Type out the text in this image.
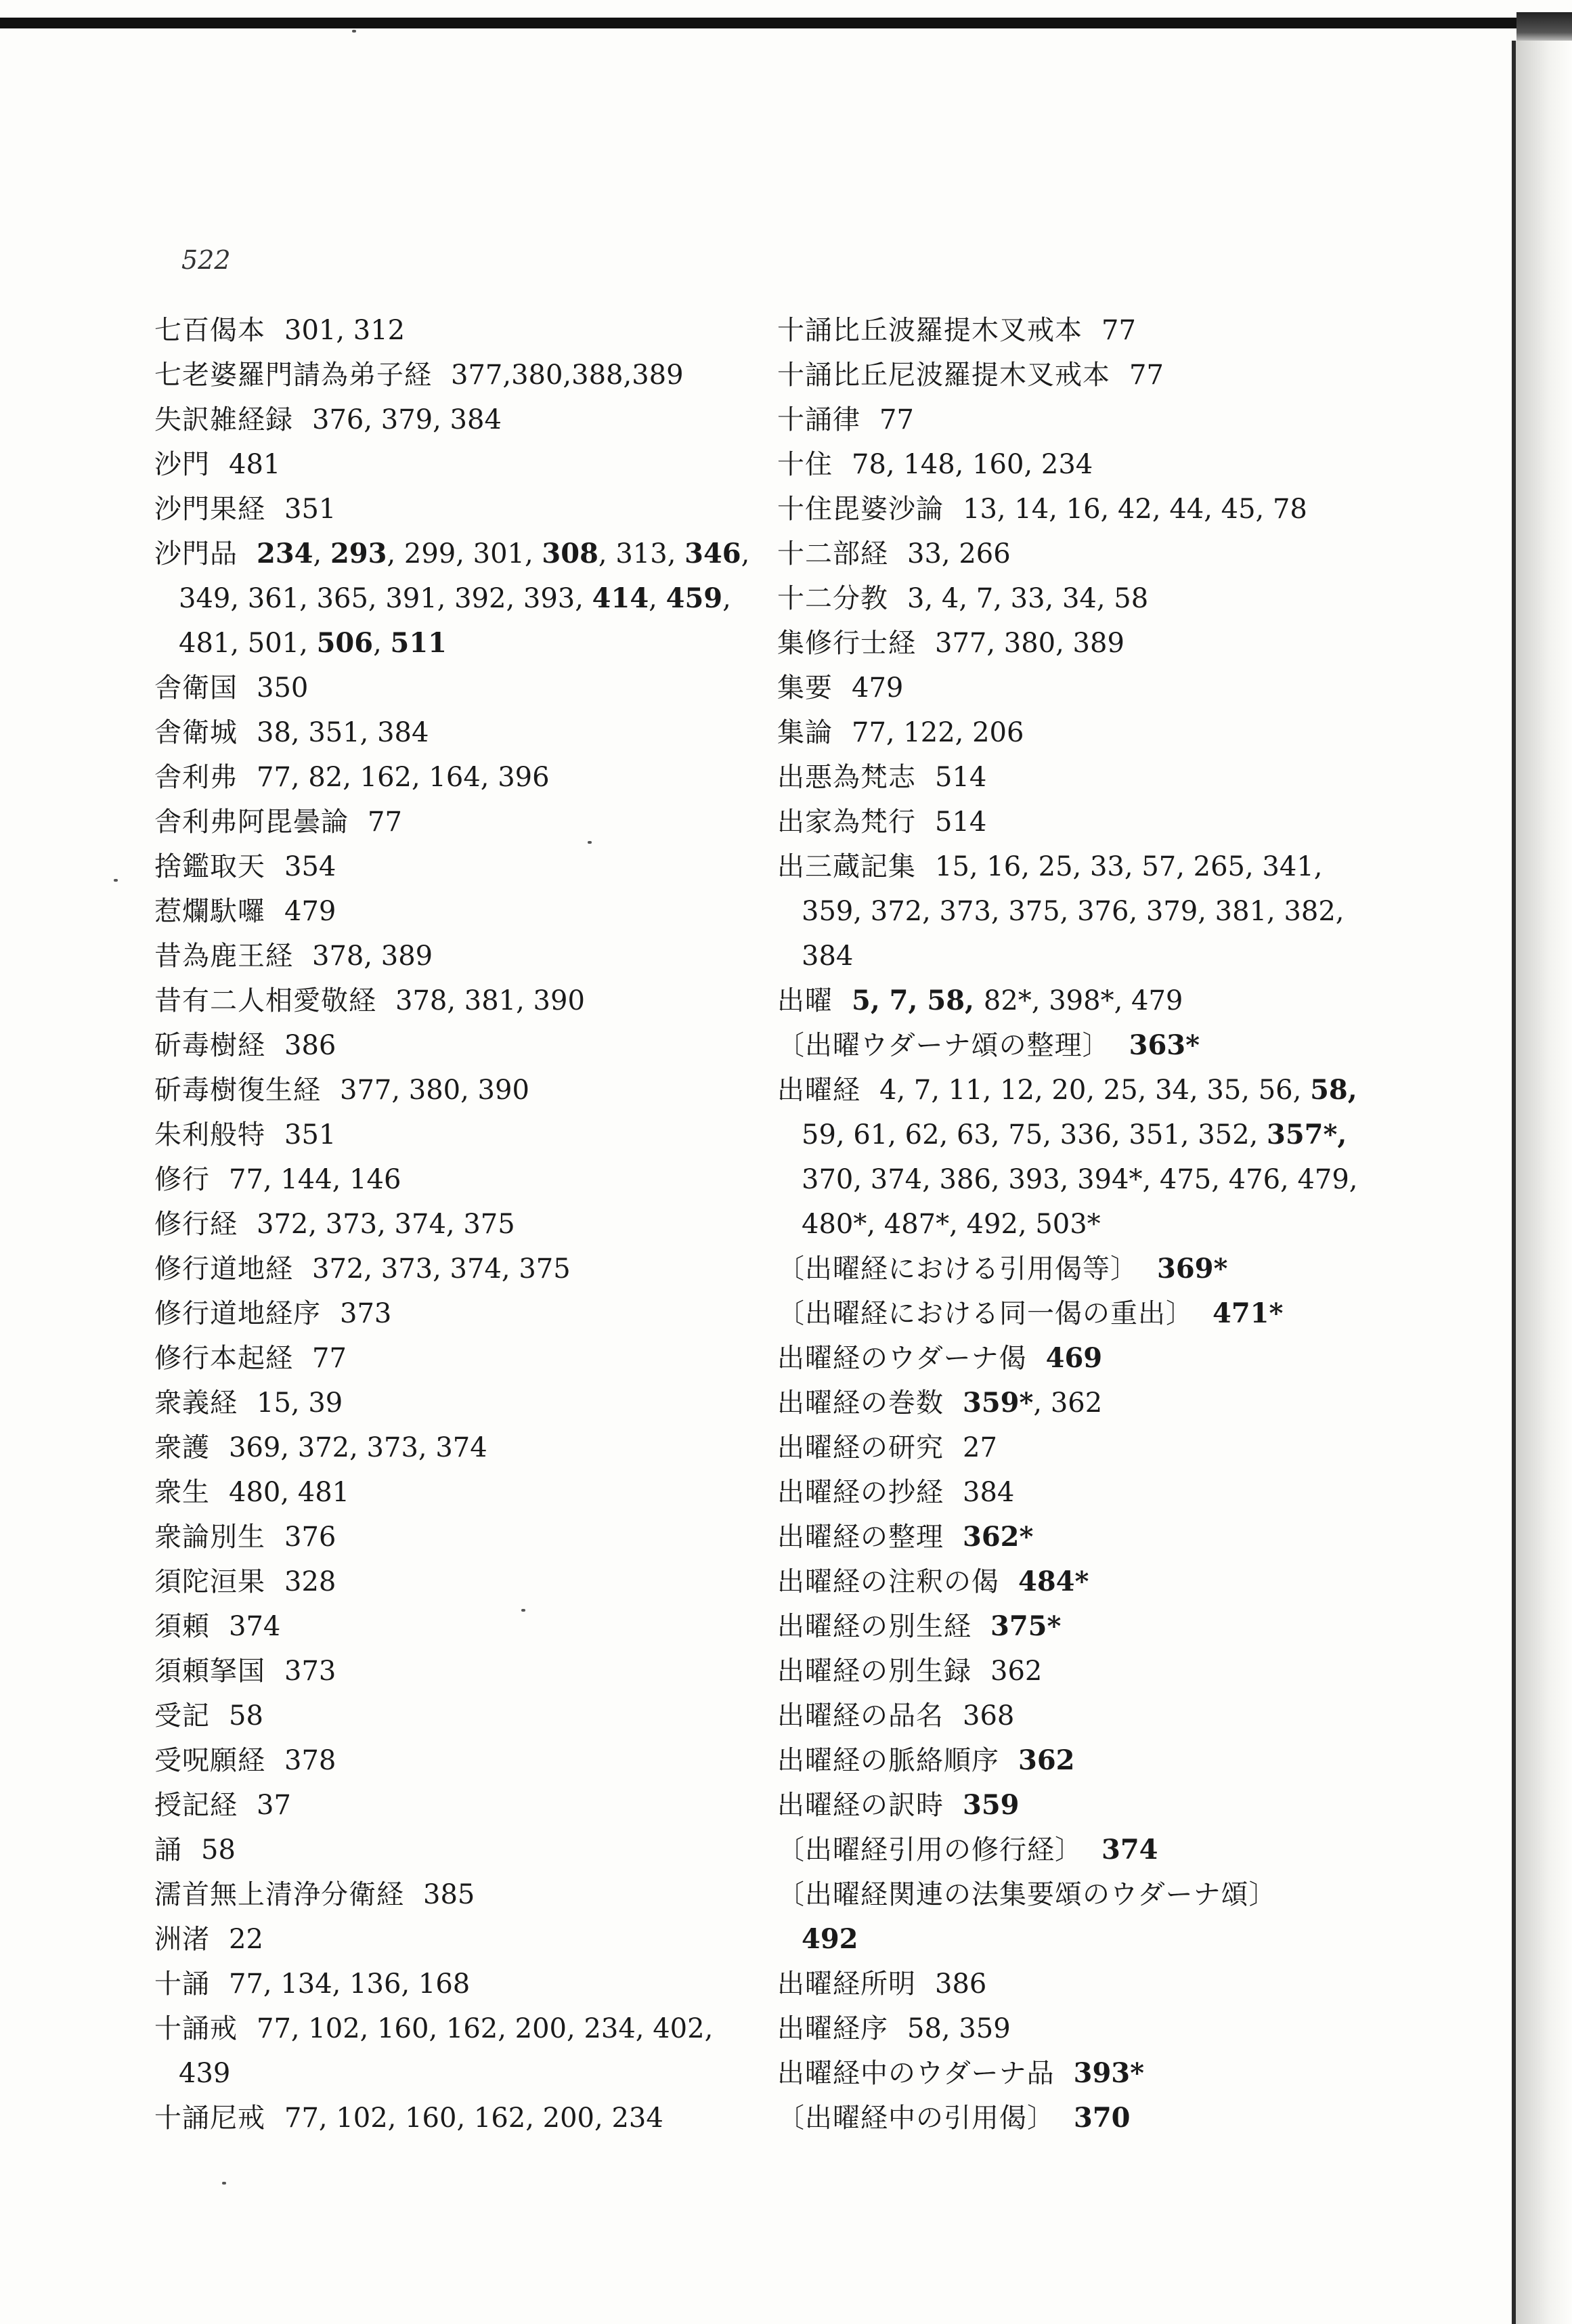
522
七百偈本 301, 312
七老婆羅門請為弟子経 377,380,388,389
失訳雑経録 376, 379, 384
沙門 481
沙門果経 351
沙門品 234, 293, 299, 301, 308, 313, 346,
349, 361, 365, 391, 392, 393, 414, 459,
481, 501, 506, 511
舎衛国 350
舎衛城 38, 351, 384
舎利弗 77, 82, 162, 164, 396
舎利弗阿毘曇論 77
捨鑑取天 354
惹爛馱囉 479
昔為鹿王経 378, 389
昔有二人相愛敬経 378, 381, 390
斫毒樹経 386
斫毒樹復生経 377, 380, 390
朱利般特 351
修行 77, 144, 146
修行経 372, 373, 374, 375
修行道地経 372, 373, 374, 375
修行道地経序 373
修行本起経 77
衆義経 15, 39
衆護 369, 372, 373, 374
衆生 480, 481
衆論別生 376
須陀洹果 328
須頼 374
須頼拏国 373
受記 58
受呪願経 378
授記経 37
誦 58
濡首無上清浄分衛経 385
洲渚 22
十誦 77, 134, 136, 168
十誦戒 77, 102, 160, 162, 200, 234, 402,
439
十誦尼戒 77, 102, 160, 162, 200, 234
十誦比丘波羅提木叉戒本 77
十誦比丘尼波羅提木叉戒本 77
十誦律 77
十住 78, 148, 160, 234
十住毘婆沙論 13, 14, 16, 42, 44, 45, 78
十二部経 33, 266
十二分教 3, 4, 7, 33, 34, 58
集修行士経 377, 380, 389
集要 479
集論 77, 122, 206
出悪為梵志 514
出家為梵行 514
出三蔵記集 15, 16, 25, 33, 57, 265, 341,
359, 372, 373, 375, 376, 379, 381, 382,
384
出曜 5, 7, 58, 82*, 398*, 479
〔出曜ウダーナ頌の整理〕 363*
出曜経 4, 7, 11, 12, 20, 25, 34, 35, 56, 58,
59, 61, 62, 63, 75, 336, 351, 352, 357*,
370, 374, 386, 393, 394*, 475, 476, 479,
480*, 487*, 492, 503*
〔出曜経における引用偈等〕 369*
〔出曜経における同一偈の重出〕 471*
出曜経のウダーナ偈 469
出曜経の巻数 359*, 362
出曜経の研究 27
出曜経の抄経 384
出曜経の整理 362*
出曜経の注釈の偈 484*
出曜経の別生経 375*
出曜経の別生録 362
出曜経の品名 368
出曜経の脈絡順序 362
出曜経の訳時 359
〔出曜経引用の修行経〕 374
〔出曜経関連の法集要頌のウダーナ頌〕
492
出曜経所明 386
出曜経序 58, 359
出曜経中のウダーナ品 393*
〔出曜経中の引用偈〕 370
